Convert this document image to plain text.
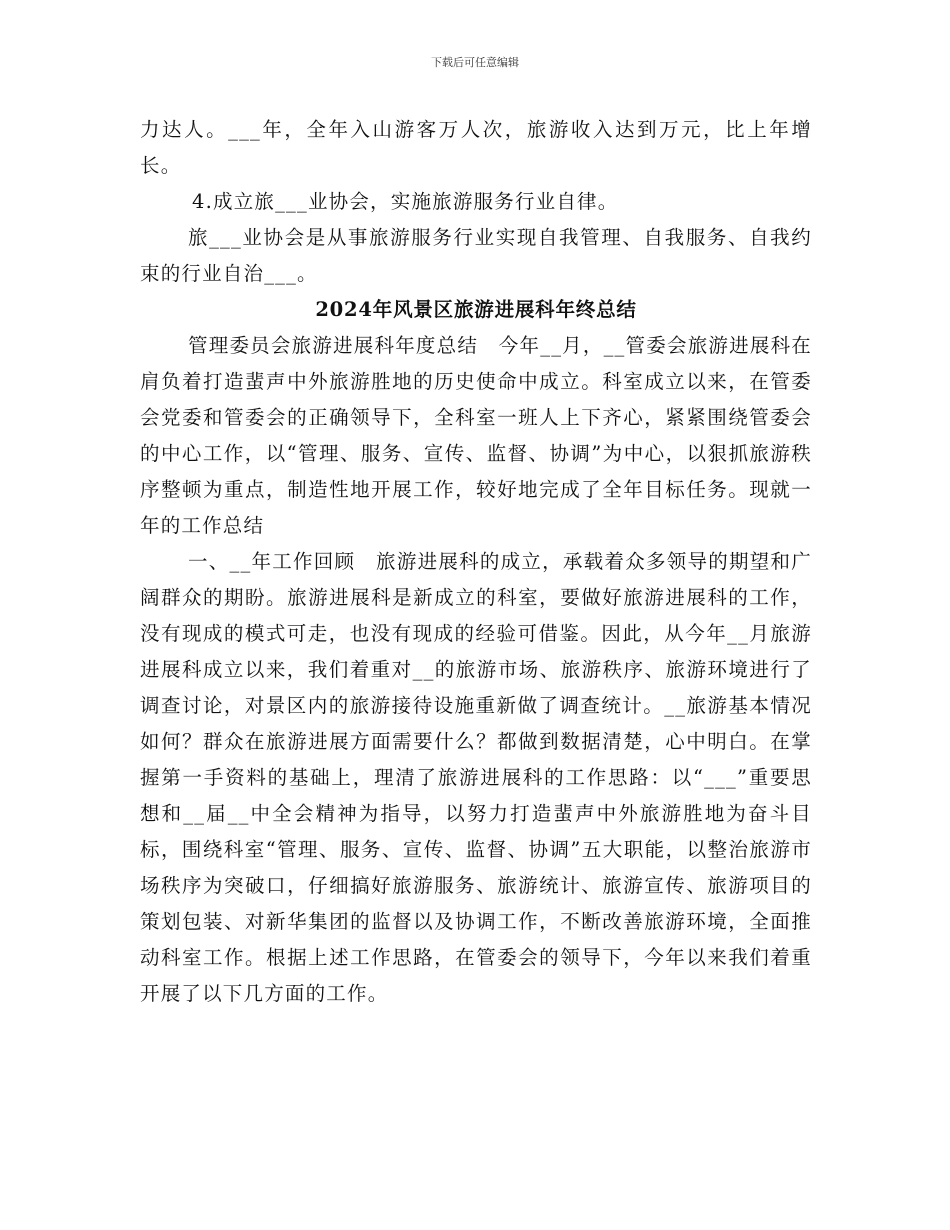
下载后可任意编辑

力达人。___年，全年入山游客万人次，旅游收入达到万元，比上年增长。

4.成立旅___业协会，实施旅游服务行业自律。

旅___业协会是从事旅游服务行业实现自我管理、自我服务、自我约束的行业自治___。

2024年风景区旅游进展科年终总结

管理委员会旅游进展科年度总结　今年__月，__管委会旅游进展科在肩负着打造蜚声中外旅游胜地的历史使命中成立。科室成立以来，在管委会党委和管委会的正确领导下，全科室一班人上下齐心，紧紧围绕管委会的中心工作，以“管理、服务、宣传、监督、协调”为中心，以狠抓旅游秩序整顿为重点，制造性地开展工作，较好地完成了全年目标任务。现就一年的工作总结

一、__年工作回顾　旅游进展科的成立，承载着众多领导的期望和广阔群众的期盼。旅游进展科是新成立的科室，要做好旅游进展科的工作，没有现成的模式可走，也没有现成的经验可借鉴。因此，从今年__月旅游进展科成立以来，我们着重对__的旅游市场、旅游秩序、旅游环境进行了调查讨论，对景区内的旅游接待设施重新做了调查统计。__旅游基本情况如何？群众在旅游进展方面需要什么？都做到数据清楚，心中明白。在掌握第一手资料的基础上，理清了旅游进展科的工作思路：以“___”重要思想和__届__中全会精神为指导，以努力打造蜚声中外旅游胜地为奋斗目标，围绕科室“管理、服务、宣传、监督、协调”五大职能，以整治旅游市场秩序为突破口，仔细搞好旅游服务、旅游统计、旅游宣传、旅游项目的策划包装、对新华集团的监督以及协调工作，不断改善旅游环境，全面推动科室工作。根据上述工作思路，在管委会的领导下，今年以来我们着重开展了以下几方面的工作。
